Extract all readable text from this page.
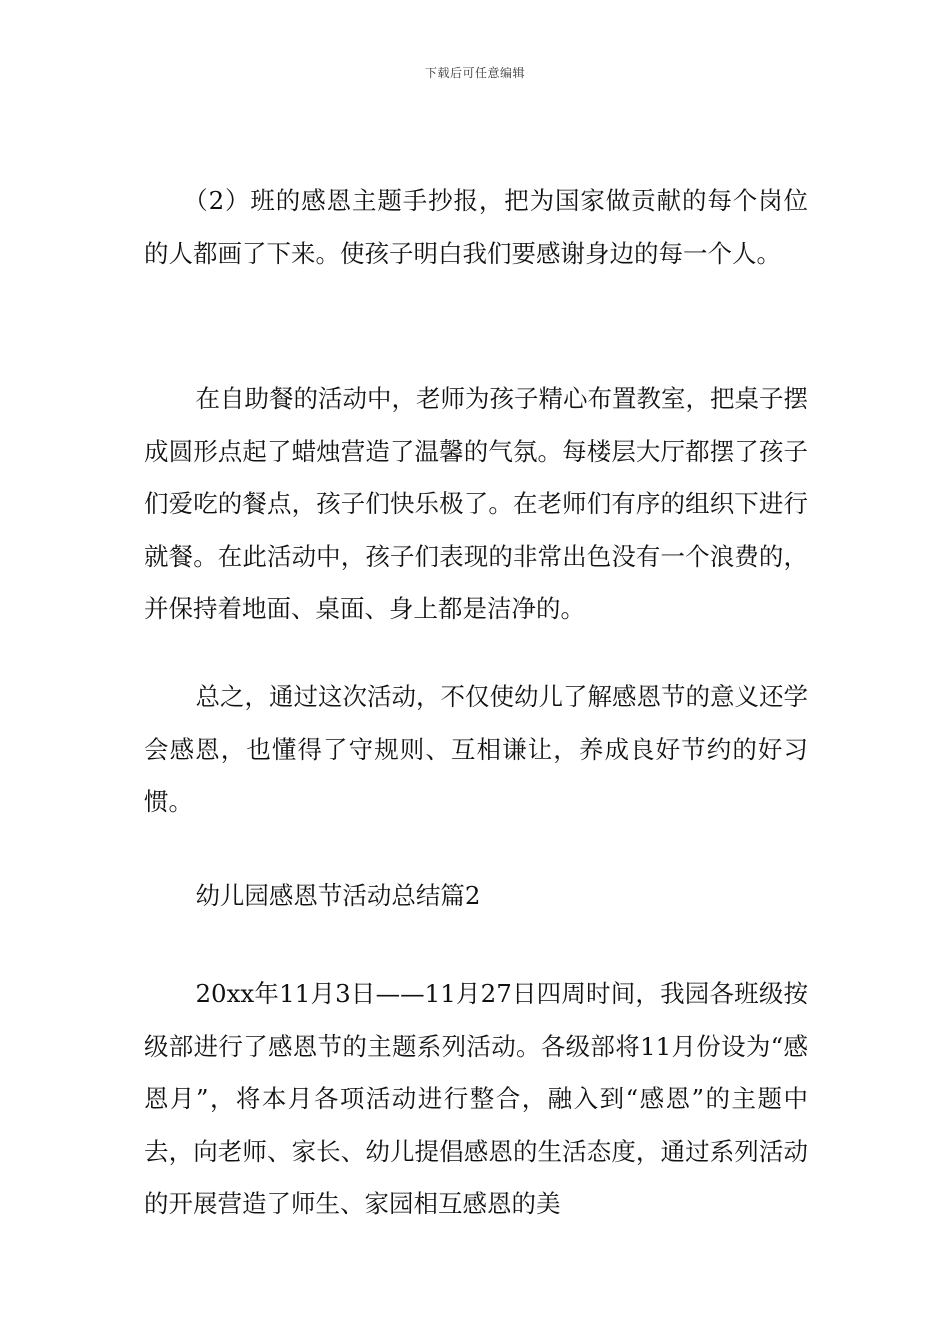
下载后可任意编辑

（2）班的感恩主题手抄报，把为国家做贡献的每个岗位的人都画了下来。使孩子明白我们要感谢身边的每一个人。

在自助餐的活动中，老师为孩子精心布置教室，把桌子摆成圆形点起了蜡烛营造了温馨的气氛。每楼层大厅都摆了孩子们爱吃的餐点，孩子们快乐极了。在老师们有序的组织下进行就餐。在此活动中，孩子们表现的非常出色没有一个浪费的，并保持着地面、桌面、身上都是洁净的。

总之，通过这次活动，不仅使幼儿了解感恩节的意义还学会感恩，也懂得了守规则、互相谦让，养成良好节约的好习惯。

幼儿园感恩节活动总结篇2

20xx年11月3日——11月27日四周时间，我园各班级按级部进行了感恩节的主题系列活动。各级部将11月份设为“感恩月”，将本月各项活动进行整合，融入到“感恩”的主题中去，向老师、家长、幼儿提倡感恩的生活态度，通过系列活动的开展营造了师生、家园相互感恩的美
